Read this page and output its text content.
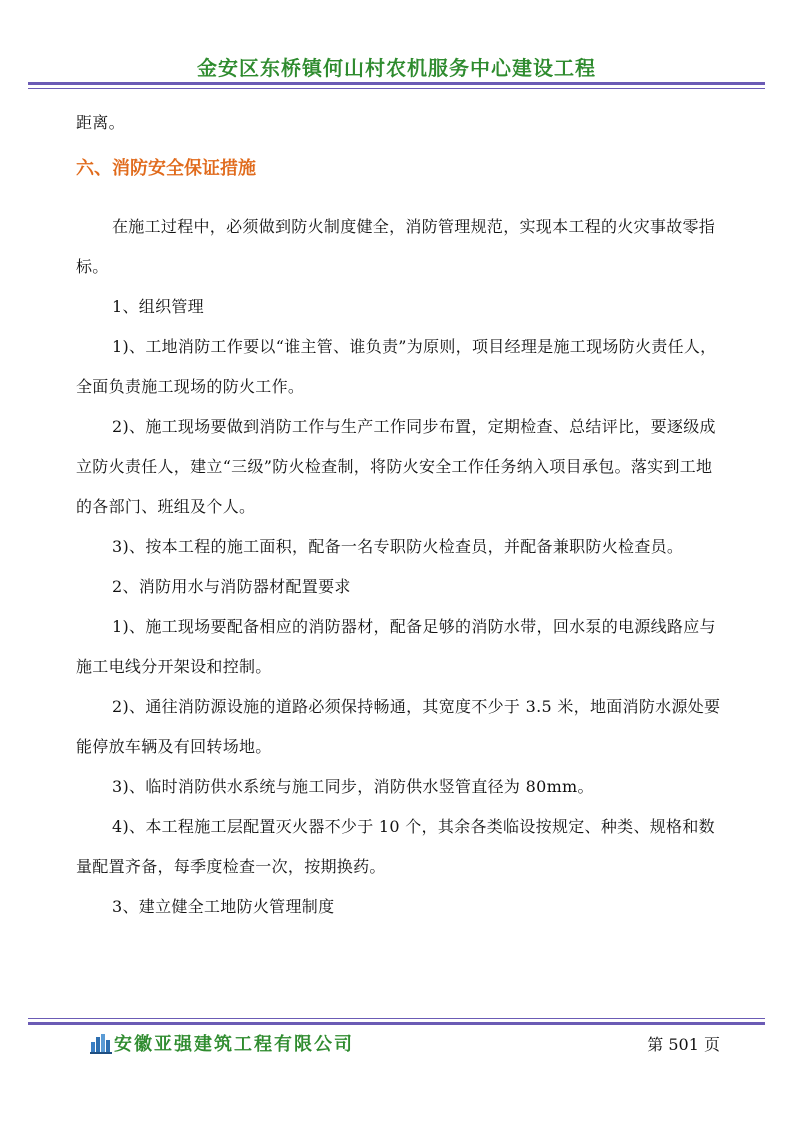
金安区东桥镇何山村农机服务中心建设工程

距离。

六、消防安全保证措施

在施工过程中，必须做到防火制度健全，消防管理规范，实现本工程的火灾事故零指标。

1、组织管理

1)、工地消防工作要以“谁主管、谁负责”为原则，项目经理是施工现场防火责任人，全面负责施工现场的防火工作。

2)、施工现场要做到消防工作与生产工作同步布置，定期检查、总结评比，要逐级成立防火责任人，建立“三级”防火检查制，将防火安全工作任务纳入项目承包。落实到工地的各部门、班组及个人。

3)、按本工程的施工面积，配备一名专职防火检查员，并配备兼职防火检查员。

2、消防用水与消防器材配置要求

1)、施工现场要配备相应的消防器材，配备足够的消防水带，回水泵的电源线路应与施工电线分开架设和控制。

2)、通往消防源设施的道路必须保持畅通，其宽度不少于 3.5 米，地面消防水源处要能停放车辆及有回转场地。

3)、临时消防供水系统与施工同步，消防供水竖管直径为 80mm。

4)、本工程施工层配置灭火器不少于 10 个，其余各类临设按规定、种类、规格和数量配置齐备，每季度检查一次，按期换药。

3、建立健全工地防火管理制度

安徽亚强建筑工程有限公司	第 501 页
